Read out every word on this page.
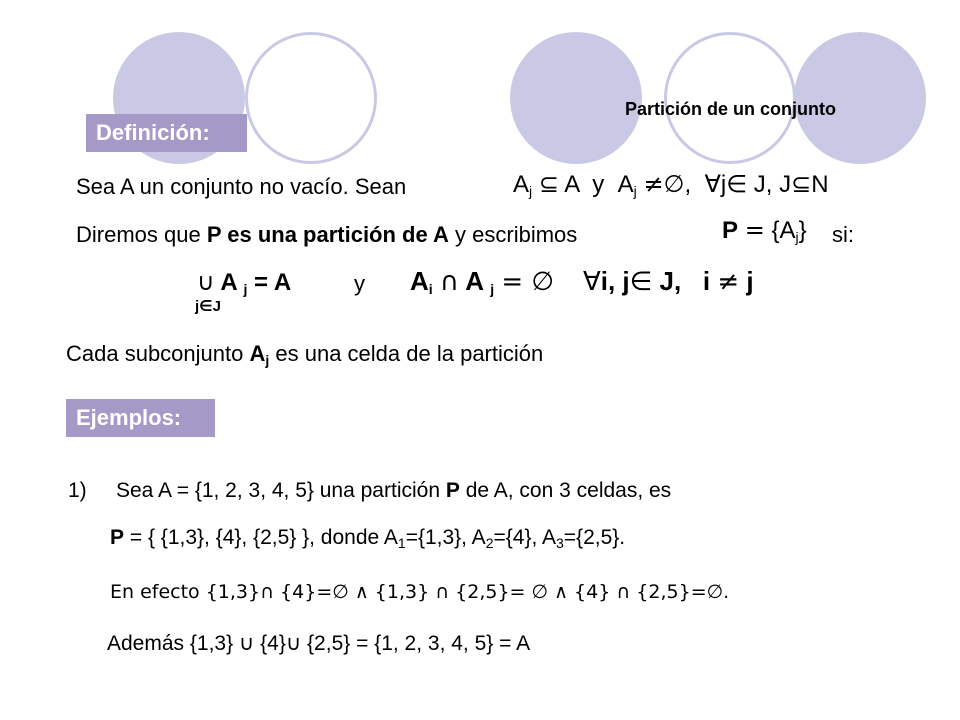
Partición de un conjunto
Definición:
Sea A un conjunto no vacío. Sean	$A_j$ ⊆ A  y  $A_j$ ≠∅,  ∀j∈ J, J⊆N
Diremos que P es una partición de A y escribimos	$P = \{A_j\}$ si:
∪ A $_j$ = A
j∈J
y $A_i$ ∩ A $_j$ = ∅ ∀i, j∈ J,   i ≠ j
Cada subconjunto $A_j$ es una celda de la partición
Ejemplos:
1) Sea A = {1, 2, 3, 4, 5} una partición P de A, con 3 celdas, es
P = { {1,3}, {4}, {2,5} }, donde $A_1=\{1,3\}$, $A_2=\{4\}$, $A_3=\{2,5\}$.
En efecto {1,3}∩ {4}=∅ ∧ {1,3} ∩ {2,5}= ∅ ∧ {4} ∩ {2,5}=∅.
Además {1,3} ∪ {4}∪ {2,5} = {1, 2, 3, 4, 5} = A
